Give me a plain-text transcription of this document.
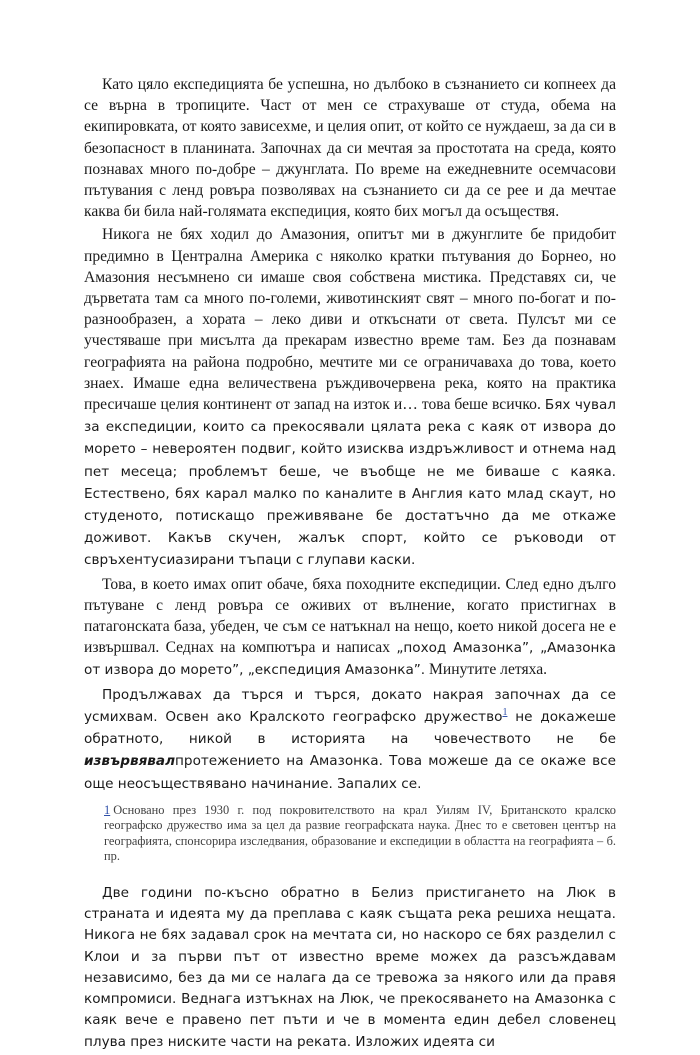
Като цяло експедицията бе успешна, но дълбоко в съзнанието си копнеех да се върна в тропиците. Част от мен се страхуваше от студа, обема на екипировката, от която зависехме, и целия опит, от който се нуждаеш, за да си в безопасност в планината. Започнах да си мечтая за простотата на среда, която познавах много по-добре – джунглата. По време на ежедневните осемчасови пътувания с ленд ровъра позволявах на съзнанието си да се рее и да мечтае каква би била най-голямата експедиция, която бих могъл да осъществя.

Никога не бях ходил до Амазония, опитът ми в джунглите бе придобит предимно в Централна Америка с няколко кратки пътувания до Борнео, но Амазония несъмнено си имаше своя собствена мистика. Представях си, че дърветата там са много по-големи, животинският свят – много по-богат и по-разнообразен, а хората – леко диви и откъснати от света. Пулсът ми се учестяваше при мисълта да прекарам известно време там. Без да познавам географията на района подробно, мечтите ми се ограничаваха до това, което знаех. Имаше една величествена ръждивочервена река, която на практика пресичаше целия континент от запад на изток и… това беше всичко. Бях чувал за експедиции, които са прекосявали цялата река с каяк от извора до морето – невероятен подвиг, който изисква издръжливост и отнема над пет месеца; проблемът беше, че въобще не ме биваше с каяка. Естествено, бях карал малко по каналите в Англия като млад скаут, но студеното, потискащо преживяване бе достатъчно да ме откаже доживот. Какъв скучен, жалък спорт, който се ръководи от свръхентусиазирани тъпаци с глупави каски.

Това, в което имах опит обаче, бяха походните експедиции. След едно дълго пътуване с ленд ровъра се оживих от вълнение, когато пристигнах в патагонската база, убеден, че съм се натъкнал на нещо, което никой досега не е извършвал. Седнах на компютъра и написах „поход Амазонка”, „Амазонка от извора до морето”, „експедиция Амазонка”. Минутите летяха.

Продължавах да търся и търся, докато накрая започнах да се усмихвам. Освен ако Кралското географско дружество$^1$ не докажеше обратното, никой в историята на човечеството не бе извървявалпротежението на Амазонка. Това можеше да се окаже все още неосъществявано начинание. Запалих се.

1 Основано през 1930 г. под покровителството на крал Уилям IV, Британското кралско географско дружество има за цел да развие географската наука. Днес то е световен център на географията, спонсорира изследвания, образование и експедиции в областта на географията – б. пр.

Две години по-късно обратно в Белиз пристигането на Люк в страната и идеята му да преплава с каяк същата река решиха нещата. Никога не бях задавал срок на мечтата си, но наскоро се бях разделил с Клои и за първи път от известно време можех да разсъждавам независимо, без да ми се налага да се тревожа за някого или да правя компромиси. Веднага изтъкнах на Люк, че прекосяването на Амазонка с каяк вече е правено пет пъти и че в момента един дебел словенец плува през ниските части на реката. Изложих идеята си
